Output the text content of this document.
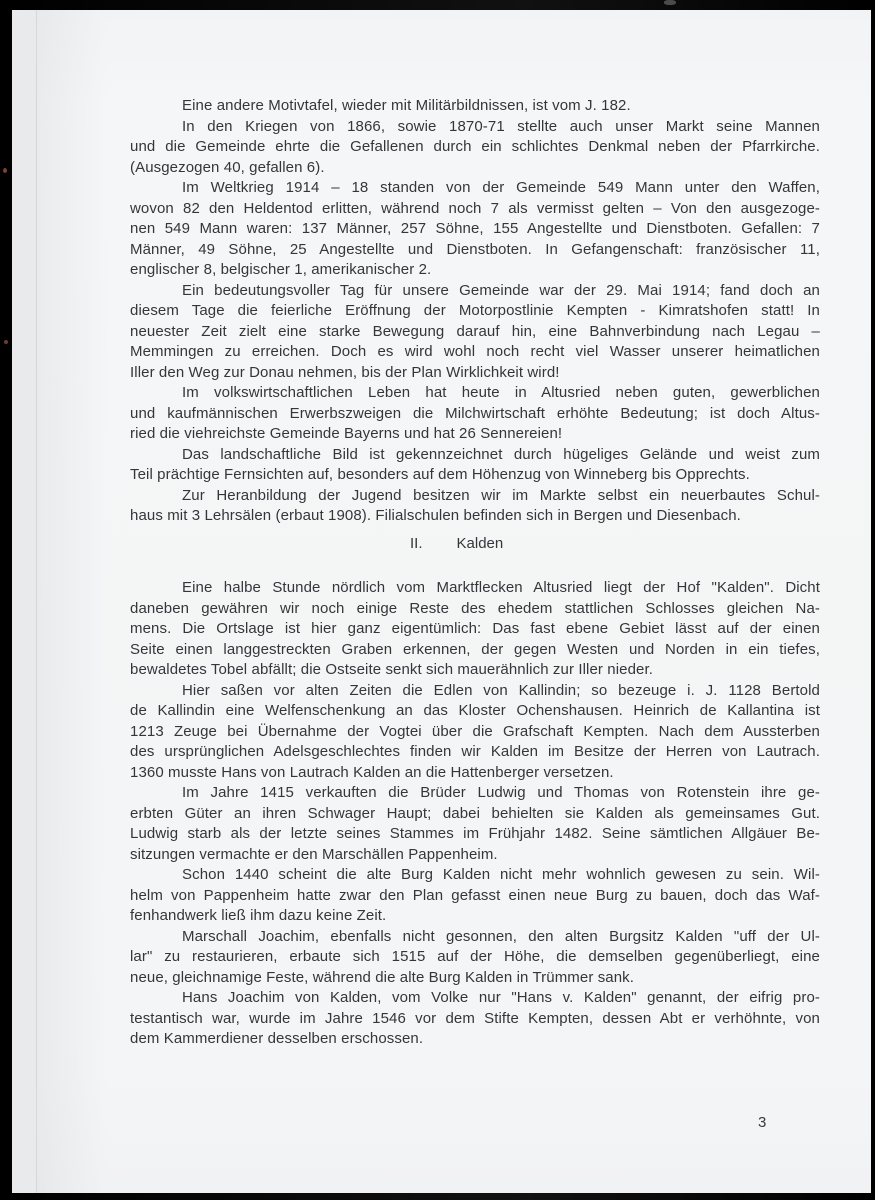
Eine andere Motivtafel, wieder mit Militärbildnissen, ist vom J. 182.
In den Kriegen von 1866, sowie 1870-71 stellte auch unser Markt seine Mannen
und die Gemeinde ehrte die Gefallenen durch ein schlichtes Denkmal neben der Pfarrkirche.
(Ausgezogen 40, gefallen 6).
Im Weltkrieg 1914 – 18 standen von der Gemeinde 549 Mann unter den Waffen,
wovon 82 den Heldentod erlitten, während noch 7 als vermisst gelten – Von den ausgezoge-
nen 549 Mann waren: 137 Männer, 257 Söhne, 155 Angestellte und Dienstboten. Gefallen: 7
Männer, 49 Söhne, 25 Angestellte und Dienstboten. In Gefangenschaft: französischer 11,
englischer 8, belgischer 1, amerikanischer 2.
Ein bedeutungsvoller Tag für unsere Gemeinde war der 29. Mai 1914; fand doch an
diesem Tage die feierliche Eröffnung der Motorpostlinie Kempten - Kimratshofen statt! In
neuester Zeit zielt eine starke Bewegung darauf hin, eine Bahnverbindung nach Legau –
Memmingen zu erreichen. Doch es wird wohl noch recht viel Wasser unserer heimatlichen
Iller den Weg zur Donau nehmen, bis der Plan Wirklichkeit wird!
Im volkswirtschaftlichen Leben hat heute in Altusried neben guten, gewerblichen
und kaufmännischen Erwerbszweigen die Milchwirtschaft erhöhte Bedeutung; ist doch Altus-
ried die viehreichste Gemeinde Bayerns und hat 26 Sennereien!
Das landschaftliche Bild ist gekennzeichnet durch hügeliges Gelände und weist zum
Teil prächtige Fernsichten auf, besonders auf dem Höhenzug von Winneberg bis Opprechts.
Zur Heranbildung der Jugend besitzen wir im Markte selbst ein neuerbautes Schul-
haus mit 3 Lehrsälen (erbaut 1908). Filialschulen befinden sich in Bergen und Diesenbach.
II. Kalden
Eine halbe Stunde nördlich vom Marktflecken Altusried liegt der Hof "Kalden". Dicht
daneben gewähren wir noch einige Reste des ehedem stattlichen Schlosses gleichen Na-
mens. Die Ortslage ist hier ganz eigentümlich: Das fast ebene Gebiet lässt auf der einen
Seite einen langgestreckten Graben erkennen, der gegen Westen und Norden in ein tiefes,
bewaldetes Tobel abfällt; die Ostseite senkt sich mauerähnlich zur Iller nieder.
Hier saßen vor alten Zeiten die Edlen von Kallindin; so bezeuge i. J. 1128 Bertold
de Kallindin eine Welfenschenkung an das Kloster Ochenshausen. Heinrich de Kallantina ist
1213 Zeuge bei Übernahme der Vogtei über die Grafschaft Kempten. Nach dem Aussterben
des ursprünglichen Adelsgeschlechtes finden wir Kalden im Besitze der Herren von Lautrach.
1360 musste Hans von Lautrach Kalden an die Hattenberger versetzen.
Im Jahre 1415 verkauften die Brüder Ludwig und Thomas von Rotenstein ihre ge-
erbten Güter an ihren Schwager Haupt; dabei behielten sie Kalden als gemeinsames Gut.
Ludwig starb als der letzte seines Stammes im Frühjahr 1482. Seine sämtlichen Allgäuer Be-
sitzungen vermachte er den Marschällen Pappenheim.
Schon 1440 scheint die alte Burg Kalden nicht mehr wohnlich gewesen zu sein. Wil-
helm von Pappenheim hatte zwar den Plan gefasst einen neue Burg zu bauen, doch das Waf-
fenhandwerk ließ ihm dazu keine Zeit.
Marschall Joachim, ebenfalls nicht gesonnen, den alten Burgsitz Kalden "uff der Ul-
lar" zu restaurieren, erbaute sich 1515 auf der Höhe, die demselben gegenüberliegt, eine
neue, gleichnamige Feste, während die alte Burg Kalden in Trümmer sank.
Hans Joachim von Kalden, vom Volke nur "Hans v. Kalden" genannt, der eifrig pro-
testantisch war, wurde im Jahre 1546 vor dem Stifte Kempten, dessen Abt er verhöhnte, von
dem Kammerdiener desselben erschossen.
3
